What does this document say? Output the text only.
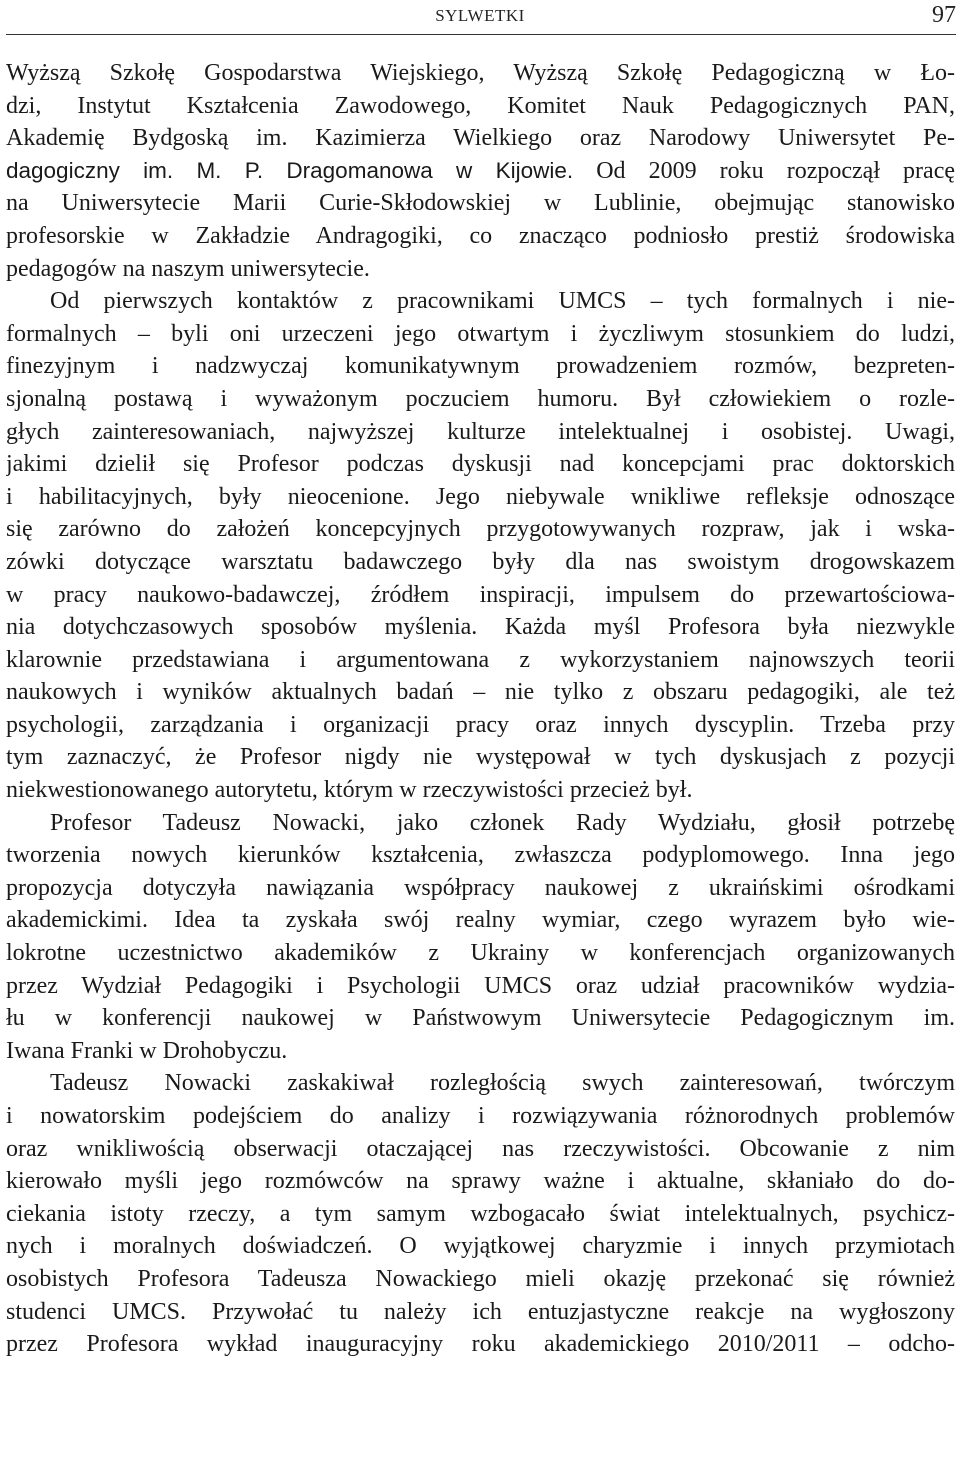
SYLWETKI	97
Wyższą Szkołę Gospodarstwa Wiejskiego, Wyższą Szkołę Pedagogiczną w Ło-
dzi, Instytut Kształcenia Zawodowego, Komitet Nauk Pedagogicznych PAN,
Akademię Bydgoską im. Kazimierza Wielkiego oraz Narodowy Uniwersytet Pe-
dagogiczny im. M. P. Dragomanowa w Kijowie. Od 2009 roku rozpoczął pracę
na Uniwersytecie Marii Curie-Skłodowskiej w Lublinie, obejmując stanowisko
profesorskie w Zakładzie Andragogiki, co znacząco podniosło prestiż środowiska
pedagogów na naszym uniwersytecie.
Od pierwszych kontaktów z pracownikami UMCS – tych formalnych i nie-
formalnych – byli oni urzeczeni jego otwartym i życzliwym stosunkiem do ludzi,
finezyjnym i nadzwyczaj komunikatywnym prowadzeniem rozmów, bezpreten-
sjonalną postawą i wyważonym poczuciem humoru. Był człowiekiem o rozle-
głych zainteresowaniach, najwyższej kulturze intelektualnej i osobistej. Uwagi,
jakimi dzielił się Profesor podczas dyskusji nad koncepcjami prac doktorskich
i habilitacyjnych, były nieocenione. Jego niebywale wnikliwe refleksje odnoszące
się zarówno do założeń koncepcyjnych przygotowywanych rozpraw, jak i wska-
zówki dotyczące warsztatu badawczego były dla nas swoistym drogowskazem
w pracy naukowo-badawczej, źródłem inspiracji, impulsem do przewartościowa-
nia dotychczasowych sposobów myślenia. Każda myśl Profesora była niezwykle
klarownie przedstawiana i argumentowana z wykorzystaniem najnowszych teorii
naukowych i wyników aktualnych badań – nie tylko z obszaru pedagogiki, ale też
psychologii, zarządzania i organizacji pracy oraz innych dyscyplin. Trzeba przy
tym zaznaczyć, że Profesor nigdy nie występował w tych dyskusjach z pozycji
niekwestionowanego autorytetu, którym w rzeczywistości przecież był.
Profesor Tadeusz Nowacki, jako członek Rady Wydziału, głosił potrzebę
tworzenia nowych kierunków kształcenia, zwłaszcza podyplomowego. Inna jego
propozycja dotyczyła nawiązania współpracy naukowej z ukraińskimi ośrodkami
akademickimi. Idea ta zyskała swój realny wymiar, czego wyrazem było wie-
lokrotne uczestnictwo akademików z Ukrainy w konferencjach organizowanych
przez Wydział Pedagogiki i Psychologii UMCS oraz udział pracowników wydzia-
łu w konferencji naukowej w Państwowym Uniwersytecie Pedagogicznym im.
Iwana Franki w Drohobyczu.
Tadeusz Nowacki zaskakiwał rozległością swych zainteresowań, twórczym
i nowatorskim podejściem do analizy i rozwiązywania różnorodnych problemów
oraz wnikliwością obserwacji otaczającej nas rzeczywistości. Obcowanie z nim
kierowało myśli jego rozmówców na sprawy ważne i aktualne, skłaniało do do-
ciekania istoty rzeczy, a tym samym wzbogacało świat intelektualnych, psychicz-
nych i moralnych doświadczeń. O wyjątkowej charyzmie i innych przymiotach
osobistych Profesora Tadeusza Nowackiego mieli okazję przekonać się również
studenci UMCS. Przywołać tu należy ich entuzjastyczne reakcje na wygłoszony
przez Profesora wykład inauguracyjny roku akademickiego 2010/2011 – odcho-
